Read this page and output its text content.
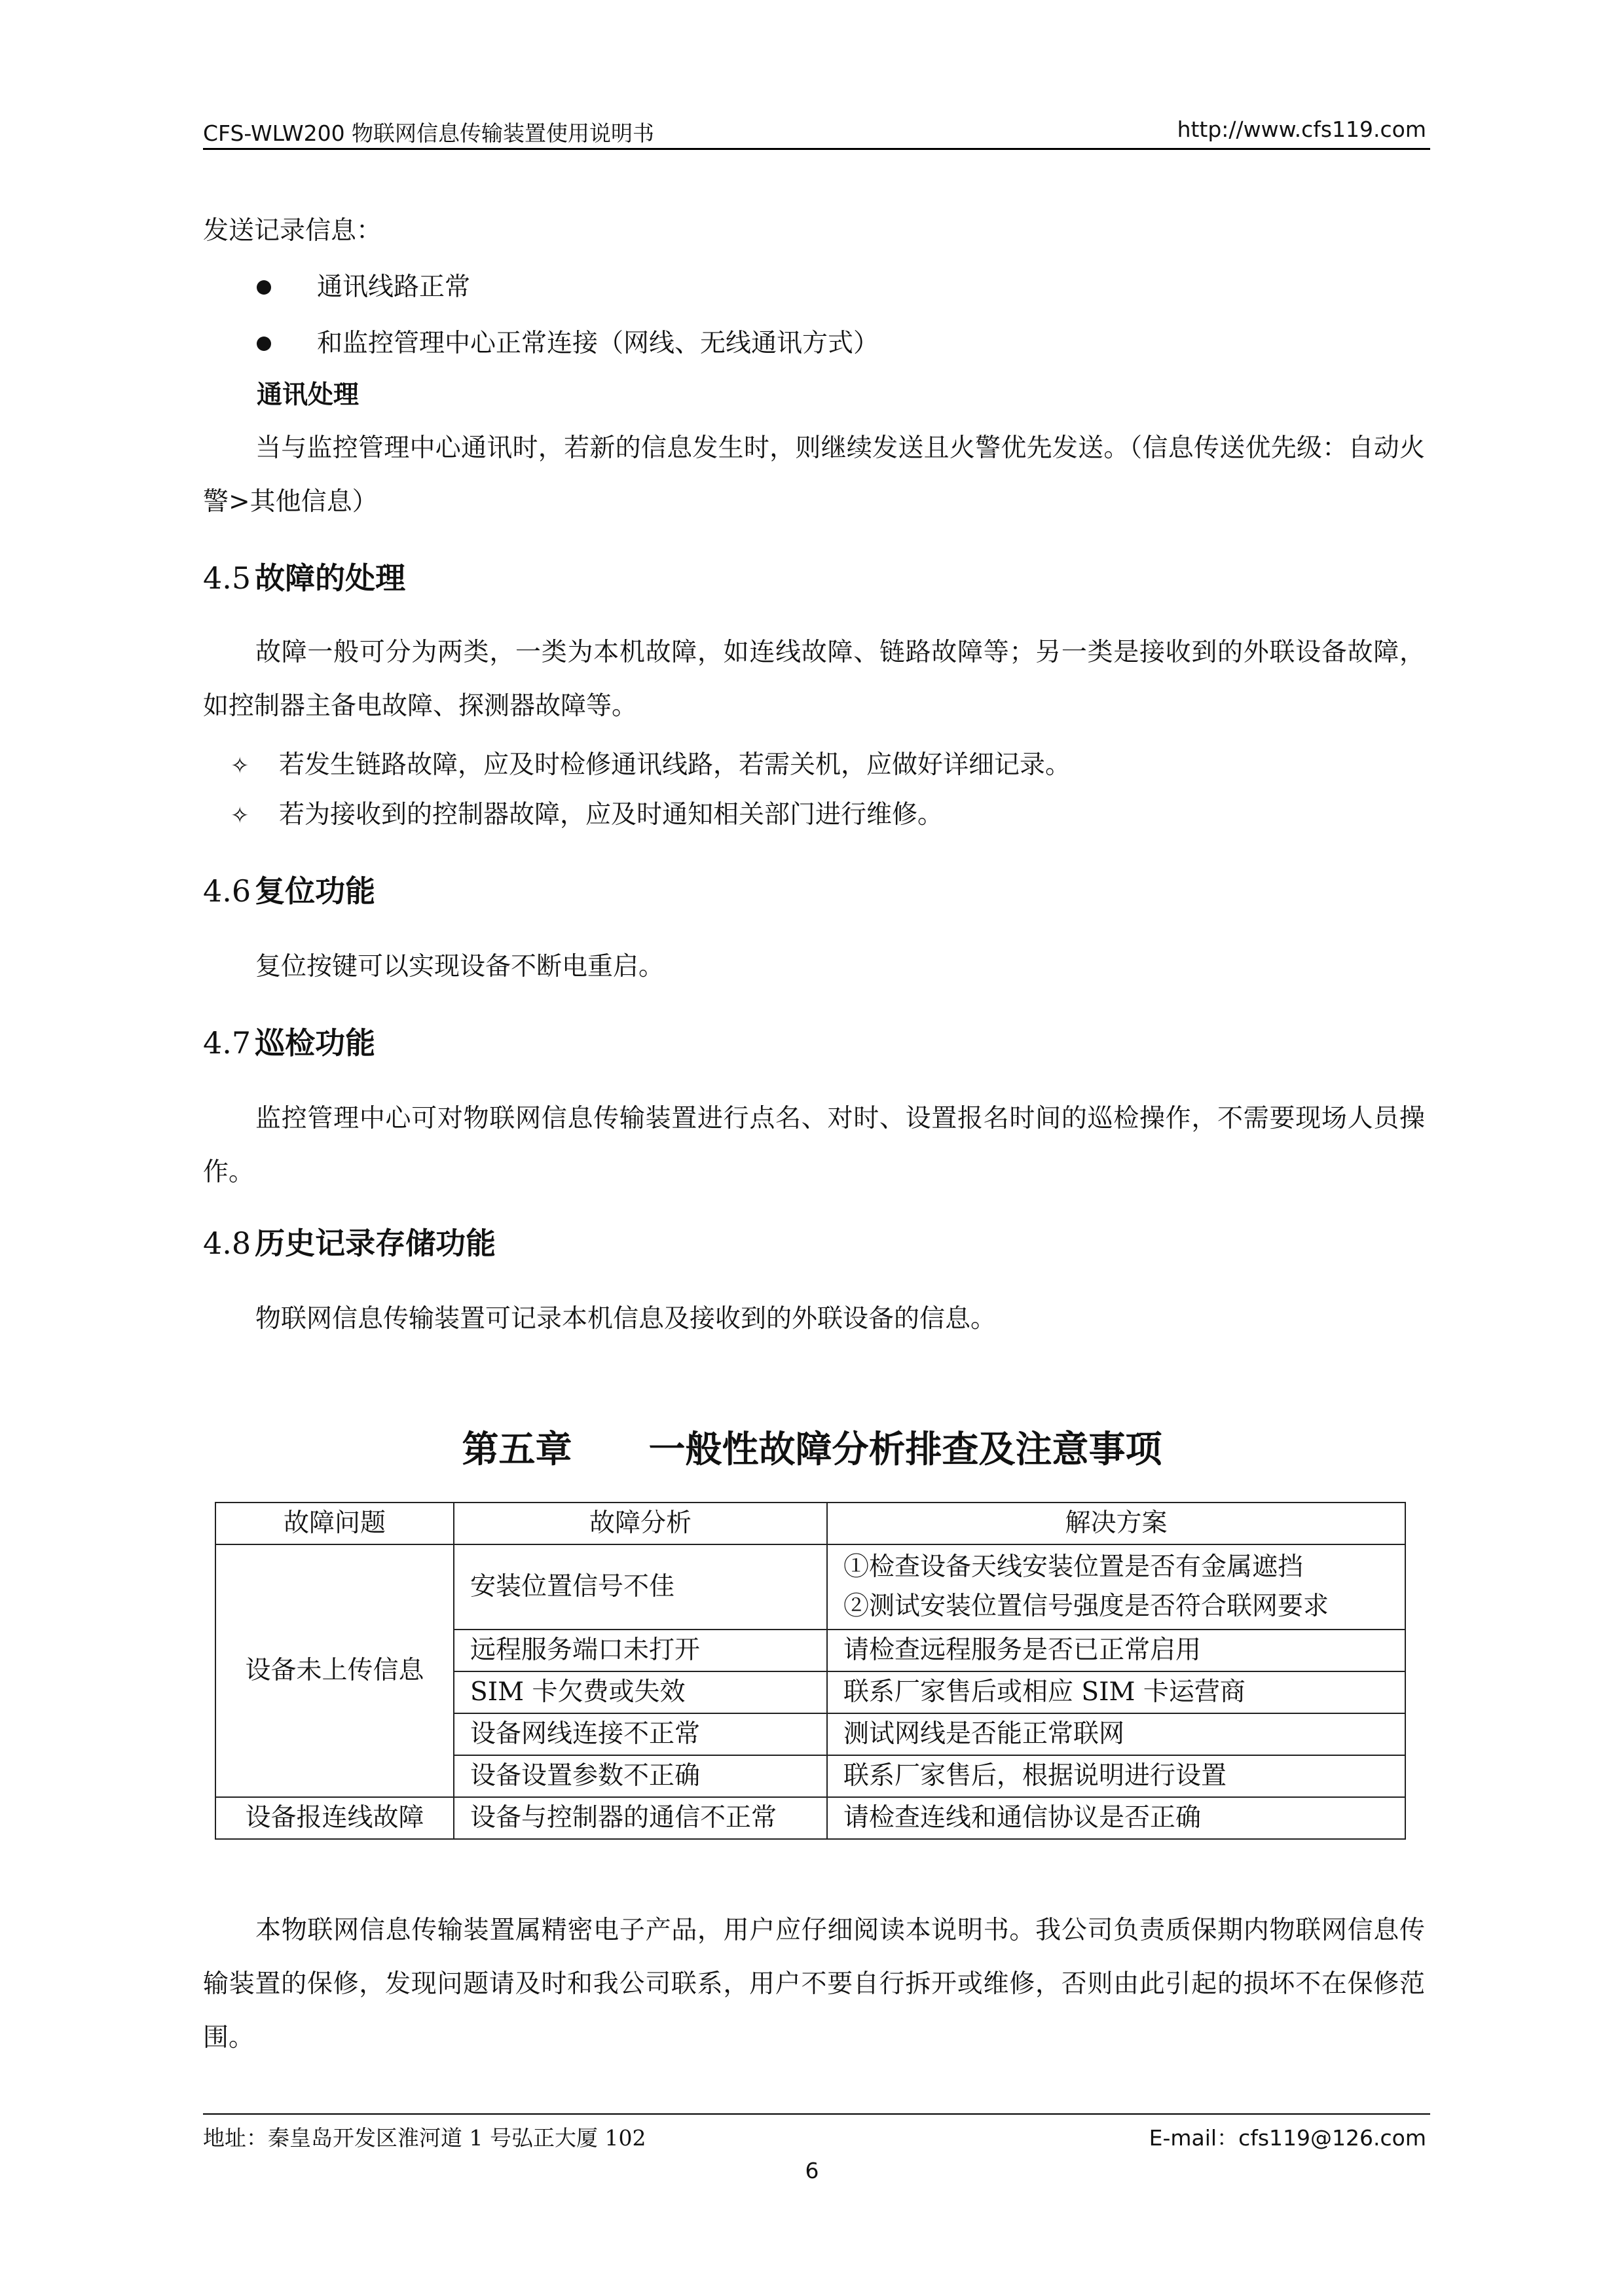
CFS-WLW200 物联网信息传输装置使用说明书	http://www.cfs119.com
发送记录信息：
通讯线路正常
和监控管理中心正常连接（网线、无线通讯方式）
通讯处理
当与监控管理中心通讯时，若新的信息发生时，则继续发送且火警优先发送。（信息传送优先级：自动火警>其他信息）
4.5 故障的处理
故障一般可分为两类，一类为本机故障，如连线故障、链路故障等；另一类是接收到的外联设备故障，如控制器主备电故障、探测器故障等。
✧ 若发生链路故障，应及时检修通讯线路，若需关机，应做好详细记录。
✧ 若为接收到的控制器故障，应及时通知相关部门进行维修。
4.6 复位功能
复位按键可以实现设备不断电重启。
4.7 巡检功能
监控管理中心可对物联网信息传输装置进行点名、对时、设置报名时间的巡检操作，不需要现场人员操作。
4.8 历史记录存储功能
物联网信息传输装置可记录本机信息及接收到的外联设备的信息。
第五章 一般性故障分析排查及注意事项
故障问题	故障分析	解决方案
设备未上传信息	安装位置信号不佳	①检查设备天线安装位置是否有金属遮挡
②测试安装位置信号强度是否符合联网要求

	远程服务端口未打开	请检查远程服务是否已正常启用
	SIM 卡欠费或失效	联系厂家售后或相应 SIM 卡运营商
	设备网线连接不正常	测试网线是否能正常联网
	设备设置参数不正确	联系厂家售后，根据说明进行设置
设备报连线故障	设备与控制器的通信不正常	请检查连线和通信协议是否正确
本物联网信息传输装置属精密电子产品，用户应仔细阅读本说明书。我公司负责质保期内物联网信息传输装置的保修，发现问题请及时和我公司联系，用户不要自行拆开或维修，否则由此引起的损坏不在保修范围。
地址：秦皇岛开发区淮河道 1 号弘正大厦 102	E-mail：cfs119@126.com
6
